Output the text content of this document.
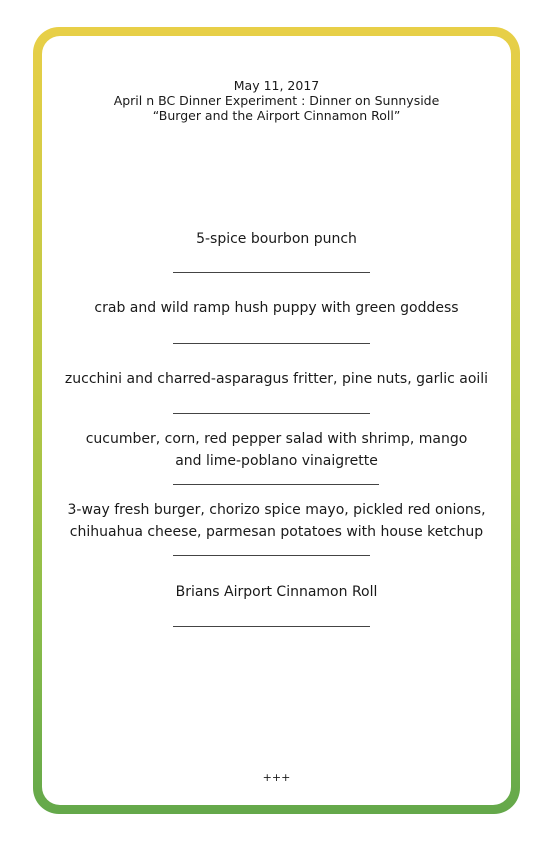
May 11, 2017
April n BC Dinner Experiment : Dinner on Sunnyside
“Burger and the Airport Cinnamon Roll”
5-spice bourbon punch
crab and wild ramp hush puppy with green goddess
zucchini and charred-asparagus fritter, pine nuts, garlic aoili
cucumber, corn, red pepper salad with shrimp, mango
and lime-poblano vinaigrette
3-way fresh burger, chorizo spice mayo, pickled red onions,
chihuahua cheese, parmesan potatoes with house ketchup
Brians Airport Cinnamon Roll
+++
